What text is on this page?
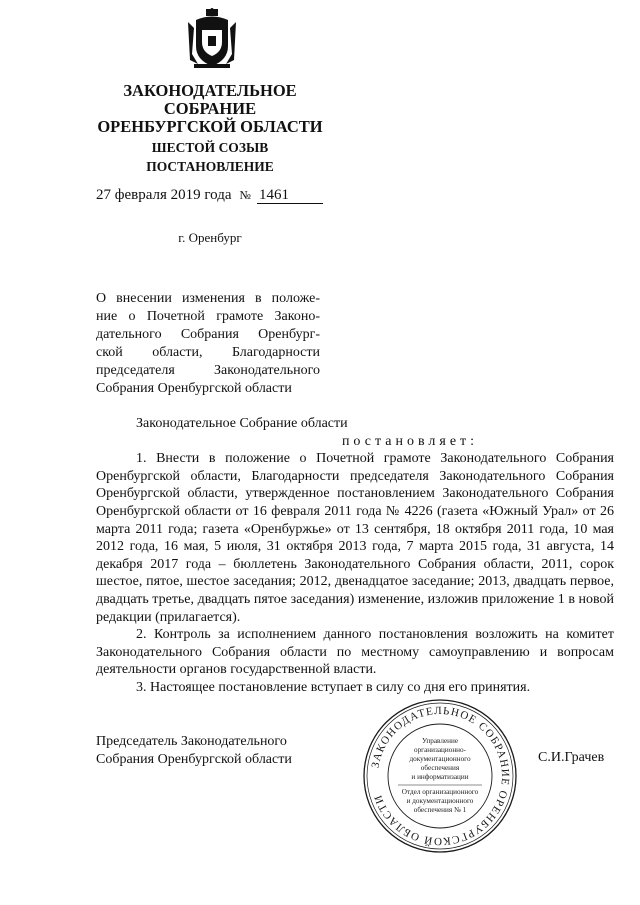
ЗАКОНОДАТЕЛЬНОЕ
СОБРАНИЕ
ОРЕНБУРГСКОЙ ОБЛАСТИ
ШЕСТОЙ СОЗЫВ
ПОСТАНОВЛЕНИЕ
27 февраля 2019 года № 1461
г. Оренбург
О внесении изменения в положе-
ние о Почетной грамоте Законо-
дательного Собрания Оренбург-
ской области, Благодарности
председателя Законодательного
Собрания Оренбургской области

Законодательное Собрание области

постановляет:

1. Внести в положение о Почетной грамоте Законодательного Собрания Оренбургской области, Благодарности председателя Законодательного Собрания Оренбургской области, утвержденное постановлением Законодательного Собрания Оренбургской области от 16 февраля 2011 года № 4226 (газета «Южный Урал» от 26 марта 2011 года; газета «Оренбуржье» от 13 сентября, 18 октября 2011 года, 10 мая 2012 года, 16 мая, 5 июля, 31 октября 2013 года, 7 марта 2015 года, 31 августа, 14 декабря 2017 года – бюллетень Законодательного Собрания области, 2011, сорок шестое, пятое, шестое заседания; 2012, двенадцатое заседание; 2013, двадцать первое, двадцать третье, двадцать пятое заседания) изменение, изложив приложение 1 в новой редакции (прилагается).

2. Контроль за исполнением данного постановления возложить на комитет Законодательного Собрания области по местному самоуправлению и вопросам деятельности органов государственной власти.

3. Настоящее постановление вступает в силу со дня его принятия.

Председатель Законодательного
Собрания Оренбургской области	С.И.Грачев
ЗАКОНОДАТЕЛЬНОЕ СОБРАНИЕ ОРЕНБУРГСКОЙ ОБЛАСТИ
Управление
организационно-
документационного
обеспечения
и информатизации
Отдел организационного
и документационного
обеспечения № 1
